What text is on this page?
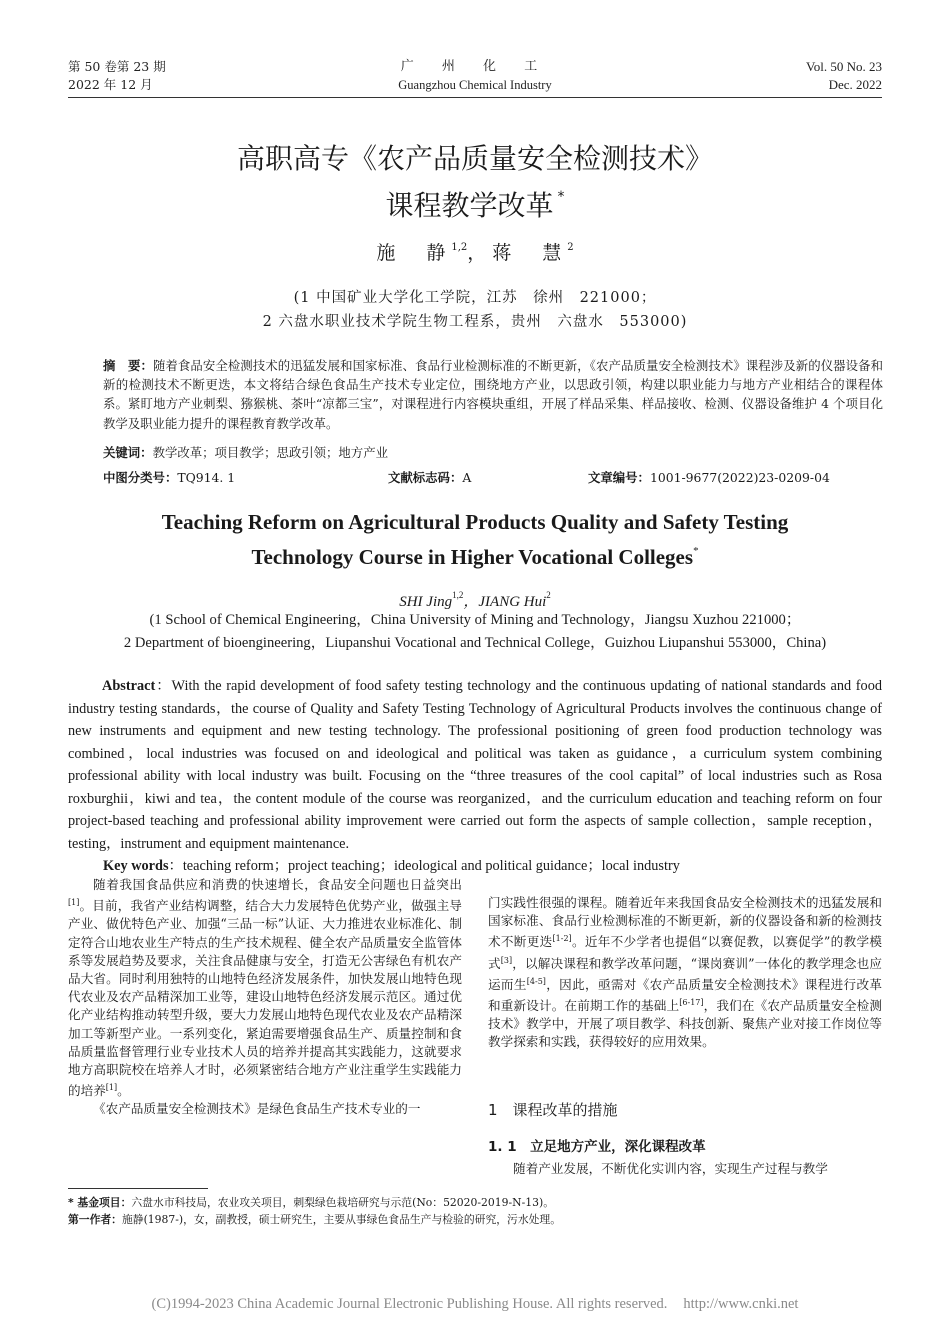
第 50 卷第 23 期
2022 年 12 月
广 州 化 工
Guangzhou Chemical Industry
Vol. 50 No. 23
Dec. 2022
高职高专《农产品质量安全检测技术》
课程教学改革 *
施　静$^{1,2}$，蒋　慧$^2$
(1 中国矿业大学化工学院，江苏　徐州　221000；
2 六盘水职业技术学院生物工程系，贵州　六盘水　553000)
摘　要：随着食品安全检测技术的迅猛发展和国家标准、食品行业检测标准的不断更新，《农产品质量安全检测技术》课程涉及新的仪器设备和新的检测技术不断更迭，本文将结合绿色食品生产技术专业定位，围绕地方产业，以思政引领，构建以职业能力与地方产业相结合的课程体系。紧盯地方产业刺梨、猕猴桃、茶叶“凉都三宝”，对课程进行内容模块重组，开展了样品采集、样品接收、检测、仪器设备维护 4 个项目化教学及职业能力提升的课程教育教学改革。
关键词：教学改革；项目教学；思政引领；地方产业
中图分类号：TQ914. 1	文献标志码：A	文章编号：1001-9677(2022)23-0209-04
Teaching Reform on Agricultural Products Quality and Safety Testing
Technology Course in Higher Vocational Colleges*
SHI Jing$^{1,2}$，JIANG Hui$^2$
(1 School of Chemical Engineering，China University of Mining and Technology，Jiangsu Xuzhou 221000；
2 Department of bioengineering，Liupanshui Vocational and Technical College，Guizhou Liupanshui 553000，China)
Abstract：With the rapid development of food safety testing technology and the continuous updating of national standards and food industry testing standards，the course of Quality and Safety Testing Technology of Agricultural Products involves the continuous change of new instruments and equipment and new testing technology. The professional positioning of green food production technology was combined，local industries was focused on and ideological and political was taken as guidance，a curriculum system combining professional ability with local industry was built. Focusing on the “three treasures of the cool capital” of local industries such as Rosa roxburghii，kiwi and tea，the content module of the course was reorganized，and the curriculum education and teaching reform on four project-based teaching and professional ability improvement were carried out form the aspects of sample collection，sample reception，testing，instrument and equipment maintenance.
Key words：teaching reform；project teaching；ideological and political guidance；local industry

随着我国食品供应和消费的快速增长，食品安全问题也日益突出[1]。目前，我省产业结构调整，结合大力发展特色优势产业，做强主导产业、做优特色产业、加强“三品一标”认证、大力推进农业标准化、制定符合山地农业生产特点的生产技术规程、健全农产品质量安全监管体系等发展趋势及要求，关注食品健康与安全，打造无公害绿色有机农产品大省。同时利用独特的山地特色经济发展条件，加快发展山地特色现代农业及农产品精深加工业等，建设山地特色经济发展示范区。通过优化产业结构推动转型升级，要大力发展山地特色现代农业及农产品精深加工等新型产业。一系列变化，紧迫需要增强食品生产、质量控制和食品质量监督管理行业专业技术人员的培养并提高其实践能力，这就要求地方高职院校在培养人才时，必须紧密结合地方产业注重学生实践能力的培养[1]。

《农产品质量安全检测技术》是绿色食品生产技术专业的一

门实践性很强的课程。随着近年来我国食品安全检测技术的迅猛发展和国家标准、食品行业检测标准的不断更新，新的仪器设备和新的检测技术不断更迭[1-2]。近年不少学者也提倡“以赛促教，以赛促学”的教学模式[3]，以解决课程和教学改革问题，“课岗赛训”一体化的教学理念也应运而生[4-5]，因此，亟需对《农产品质量安全检测技术》课程进行改革和重新设计。在前期工作的基础上[6-17]，我们在《农产品质量安全检测技术》教学中，开展了项目教学、科技创新、聚焦产业对接工作岗位等教学探索和实践，获得较好的应用效果。

1　课程改革的措施
1. 1　立足地方产业，深化课程改革

随着产业发展，不断优化实训内容，实现生产过程与教学

* 基金项目：六盘水市科技局，农业攻关项目，刺梨绿色栽培研究与示范(No：52020-2019-N-13)。
第一作者：施静(1987-)，女，副教授，硕士研究生，主要从事绿色食品生产与检验的研究，污水处理。
(C)1994-2023 China Academic Journal Electronic Publishing House. All rights reserved. http://www.cnki.net
